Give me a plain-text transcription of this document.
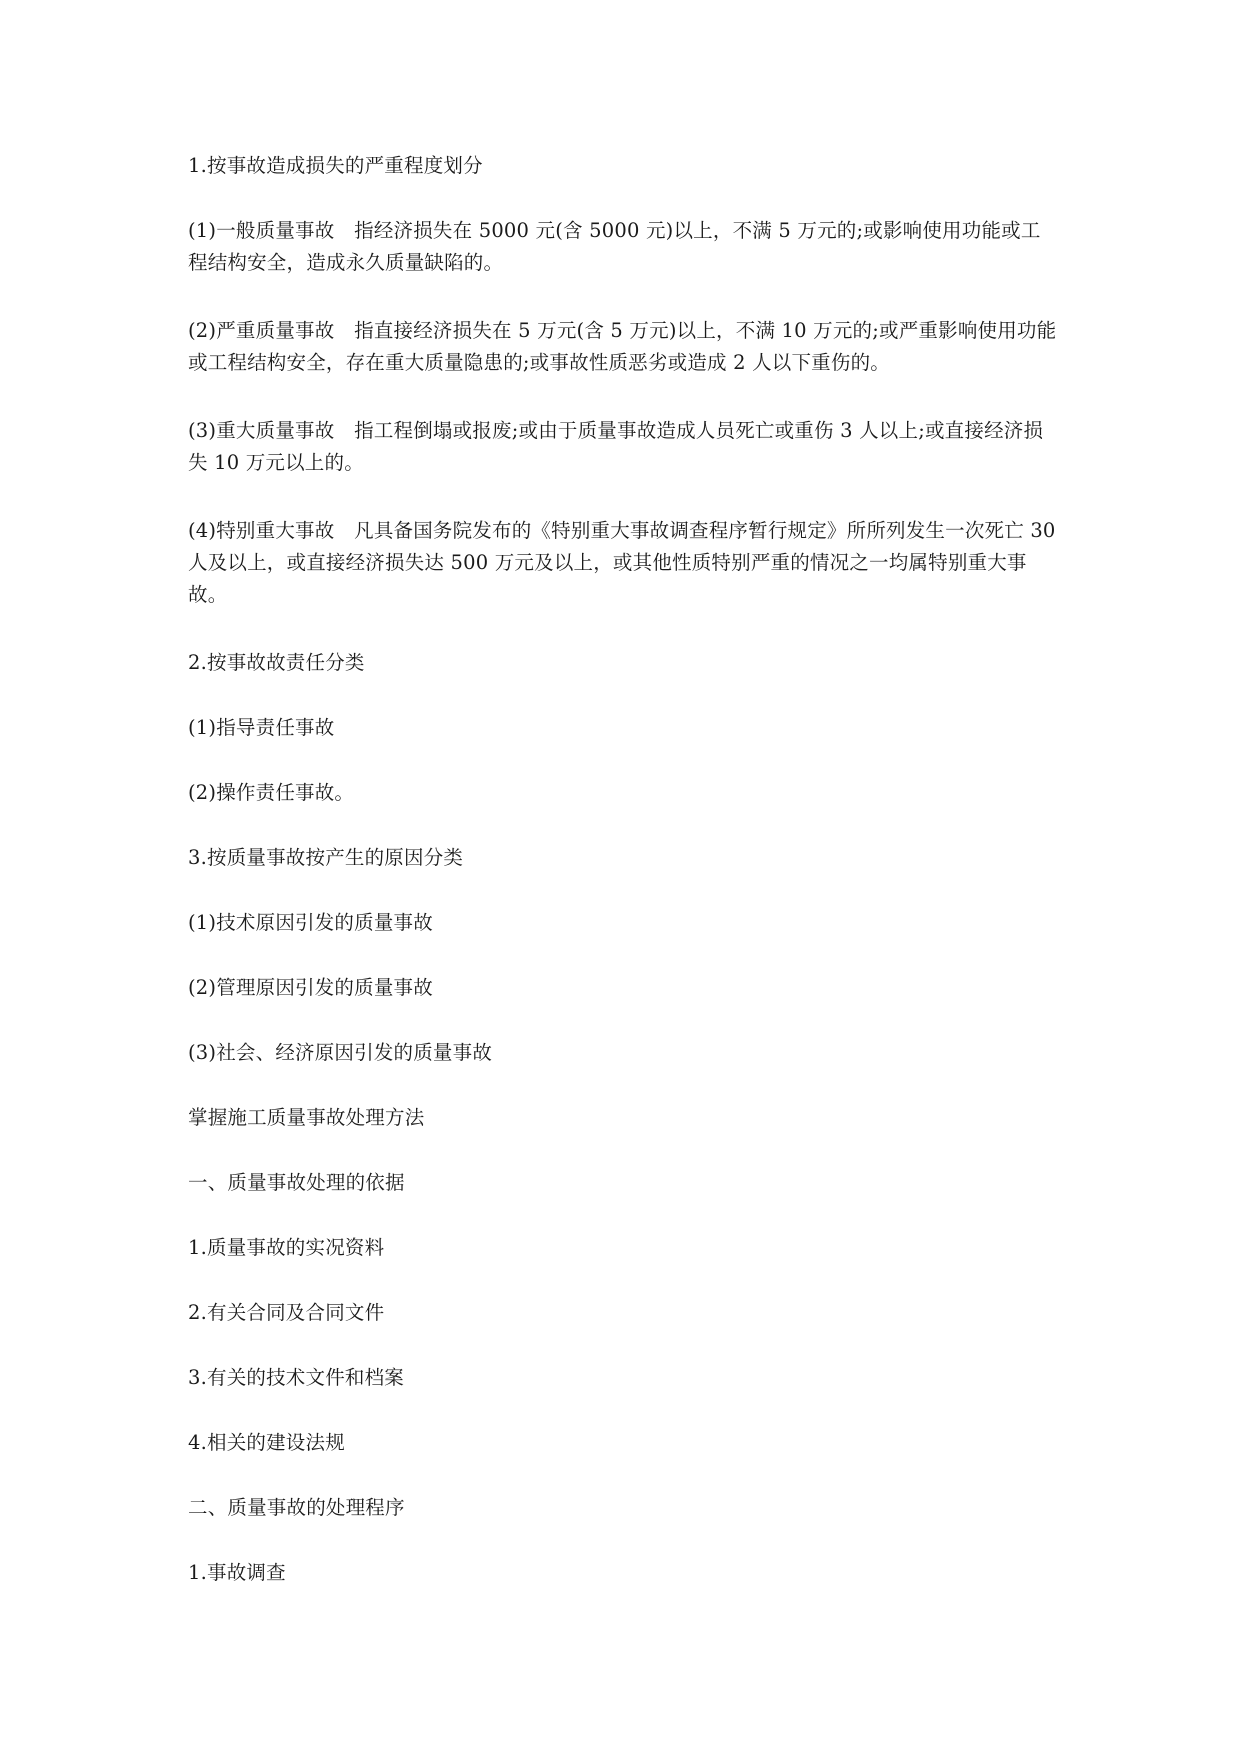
1.按事故造成损失的严重程度划分

(1)一般质量事故　指经济损失在 5000 元(含 5000 元)以上，不满 5 万元的;或影响使用功能或工程结构安全，造成永久质量缺陷的。

(2)严重质量事故　指直接经济损失在 5 万元(含 5 万元)以上，不满 10 万元的;或严重影响使用功能或工程结构安全，存在重大质量隐患的;或事故性质恶劣或造成 2 人以下重伤的。

(3)重大质量事故　指工程倒塌或报废;或由于质量事故造成人员死亡或重伤 3 人以上;或直接经济损失 10 万元以上的。

(4)特别重大事故　凡具备国务院发布的《特别重大事故调查程序暂行规定》所所列发生一次死亡 30 人及以上，或直接经济损失达 500 万元及以上，或其他性质特别严重的情况之一均属特别重大事故。

2.按事故故责任分类

(1)指导责任事故

(2)操作责任事故。

3.按质量事故按产生的原因分类

(1)技术原因引发的质量事故

(2)管理原因引发的质量事故

(3)社会、经济原因引发的质量事故

掌握施工质量事故处理方法

一、质量事故处理的依据

1.质量事故的实况资料

2.有关合同及合同文件

3.有关的技术文件和档案

4.相关的建设法规

二、质量事故的处理程序

1.事故调查
